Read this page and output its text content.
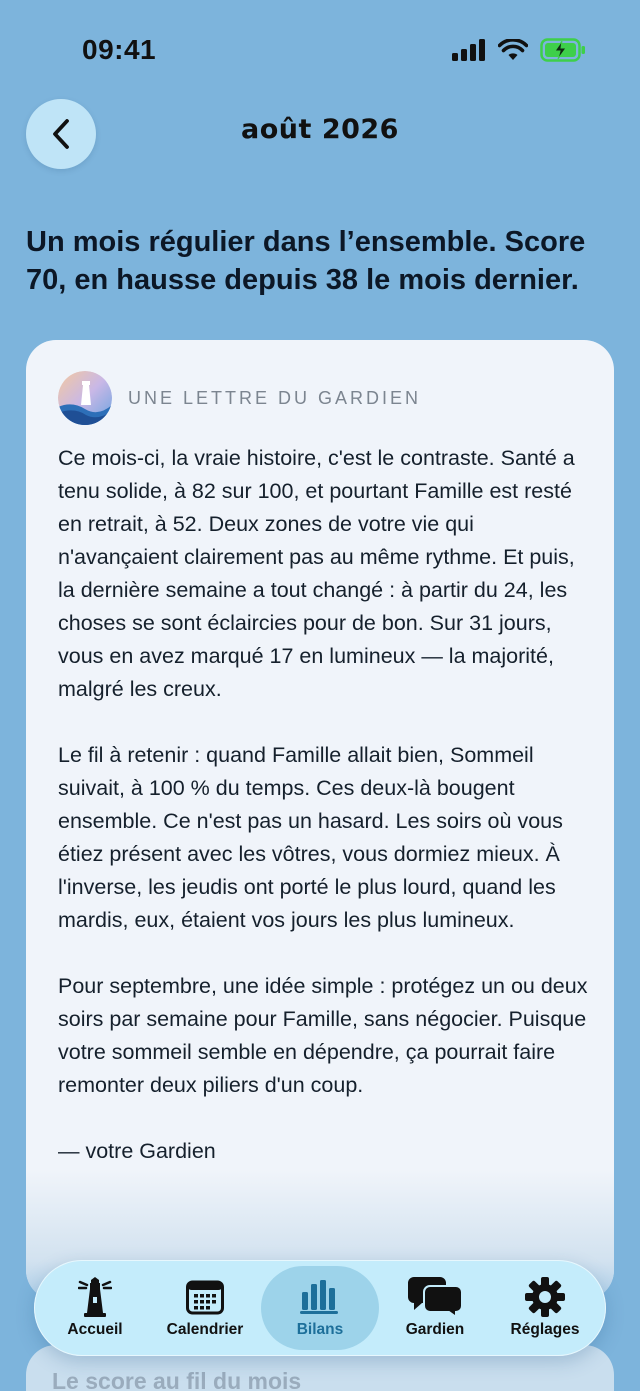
09:41
août 2026
Un mois régulier dans l’ensemble. Score 70, en hausse depuis 38 le mois dernier.
UNE LETTRE DU GARDIEN

Ce mois-ci, la vraie histoire, c'est le contraste. Santé a tenu solide, à 82 sur 100, et pourtant Famille est resté en retrait, à 52. Deux zones de votre vie qui n'avançaient clairement pas au même rythme. Et puis, la dernière semaine a tout changé : à partir du 24, les choses se sont éclaircies pour de bon. Sur 31 jours, vous en avez marqué 17 en lumineux — la majorité, malgré les creux.

Le fil à retenir : quand Famille allait bien, Sommeil suivait, à 100 % du temps. Ces deux-là bougent ensemble. Ce n'est pas un hasard. Les soirs où vous étiez présent avec les vôtres, vous dormiez mieux. À l'inverse, les jeudis ont porté le plus lourd, quand les mardis, eux, étaient vos jours les plus lumineux.

Pour septembre, une idée simple : protégez un ou deux soirs par semaine pour Famille, sans négocier. Puisque votre sommeil semble en dépendre, ça pourrait faire remonter deux piliers d'un coup.

— votre Gardien
Le score au fil du mois
Accueil	Calendrier	Bilans	Gardien	Réglages
